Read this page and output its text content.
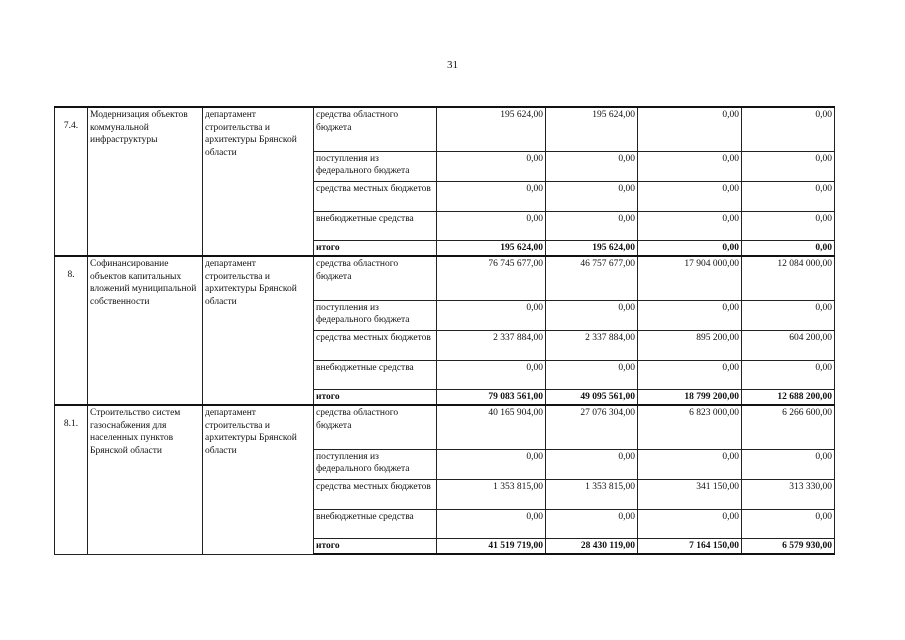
31
7.4.	Модернизация объектов коммунальной инфраструктуры	департамент строительства и архитектуры Брянской области	средства областного бюджета	195 624,00	195 624,00	0,00	0,00
			поступления из федерального бюджета	0,00	0,00	0,00	0,00
			средства местных бюджетов	0,00	0,00	0,00	0,00
			внебюджетные средства	0,00	0,00	0,00	0,00
			итого	195 624,00	195 624,00	0,00	0,00
8.	Софинансирование объектов капитальных вложений муниципальной собственности	департамент строительства и архитектуры Брянской области	средства областного бюджета	76 745 677,00	46 757 677,00	17 904 000,00	12 084 000,00
			поступления из федерального бюджета	0,00	0,00	0,00	0,00
			средства местных бюджетов	2 337 884,00	2 337 884,00	895 200,00	604 200,00
			внебюджетные средства	0,00	0,00	0,00	0,00
			итого	79 083 561,00	49 095 561,00	18 799 200,00	12 688 200,00
8.1.	Строительство систем газоснабжения для населенных пунктов Брянской области	департамент строительства и архитектуры Брянской области	средства областного бюджета	40 165 904,00	27 076 304,00	6 823 000,00	6 266 600,00
			поступления из федерального бюджета	0,00	0,00	0,00	0,00
			средства местных бюджетов	1 353 815,00	1 353 815,00	341 150,00	313 330,00
			внебюджетные средства	0,00	0,00	0,00	0,00
			итого	41 519 719,00	28 430 119,00	7 164 150,00	6 579 930,00
